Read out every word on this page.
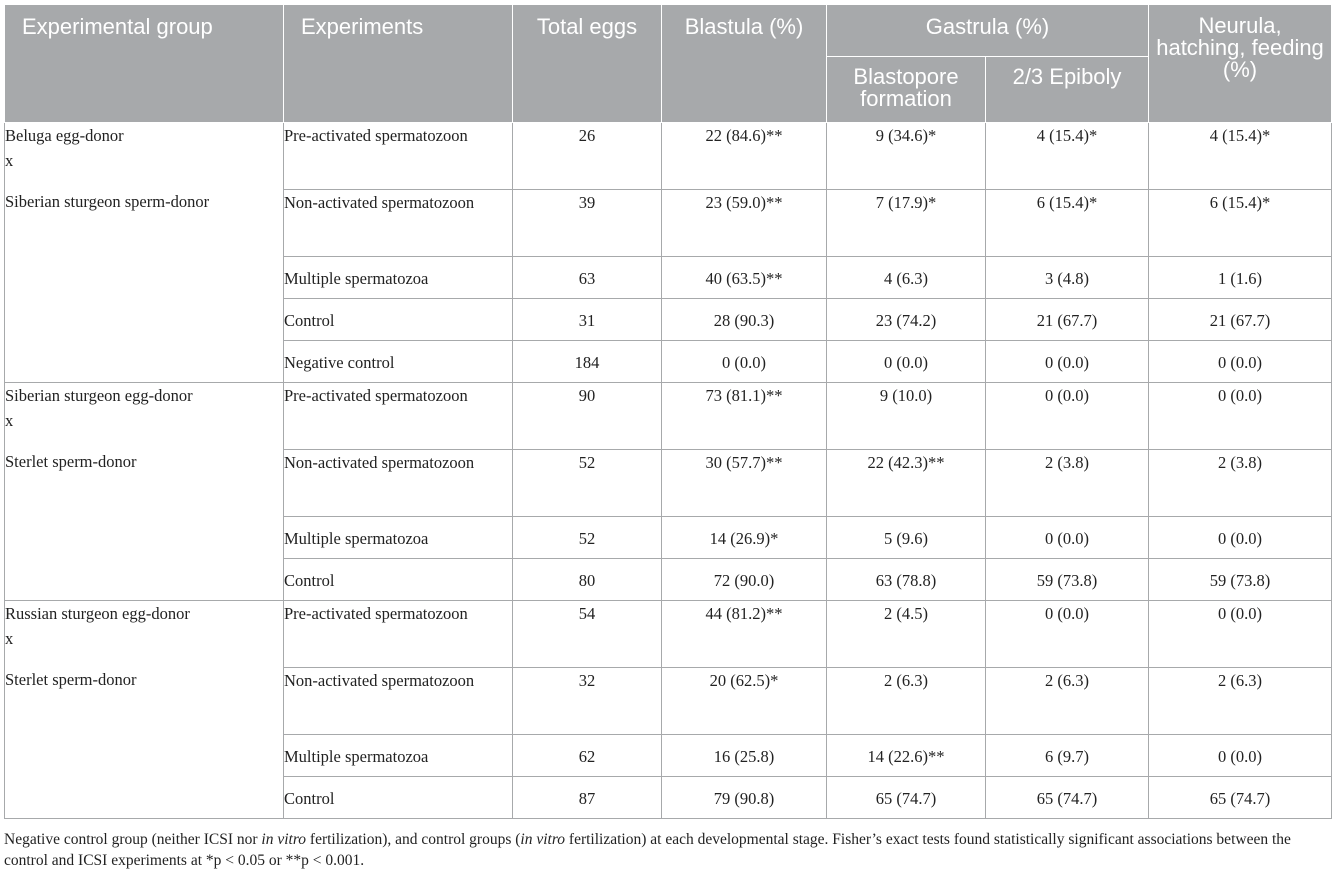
Experimental group	Experiments	Total eggs	Blastula (%)	Gastrula (%)		Neurula, hatching, feeding (%)
				Blastopore formation	2/3 Epiboly	

Beluga egg-donor
x
Siberian sturgeon sperm-donor	Pre-activated spermatozoon	26	22 (84.6)**	9 (34.6)*	4 (15.4)*	4 (15.4)*
	Non-activated spermatozoon	39	23 (59.0)**	7 (17.9)*	6 (15.4)*	6 (15.4)*
	Multiple spermatozoa	63	40 (63.5)**	4 (6.3)	3 (4.8)	1 (1.6)
	Control	31	28 (90.3)	23 (74.2)	21 (67.7)	21 (67.7)
	Negative control	184	0 (0.0)	0 (0.0)	0 (0.0)	0 (0.0)

Siberian sturgeon egg-donor
x
Sterlet sperm-donor	Pre-activated spermatozoon	90	73 (81.1)**	9 (10.0)	0 (0.0)	0 (0.0)
	Non-activated spermatozoon	52	30 (57.7)**	22 (42.3)**	2 (3.8)	2 (3.8)
	Multiple spermatozoa	52	14 (26.9)*	5 (9.6)	0 (0.0)	0 (0.0)
	Control	80	72 (90.0)	63 (78.8)	59 (73.8)	59 (73.8)

Russian sturgeon egg-donor
x
Sterlet sperm-donor	Pre-activated spermatozoon	54	44 (81.2)**	2 (4.5)	0 (0.0)	0 (0.0)
	Non-activated spermatozoon	32	20 (62.5)*	2 (6.3)	2 (6.3)	2 (6.3)
	Multiple spermatozoa	62	16 (25.8)	14 (22.6)**	6 (9.7)	0 (0.0)
	Control	87	79 (90.8)	65 (74.7)	65 (74.7)	65 (74.7)

Negative control group (neither ICSI nor in vitro fertilization), and control groups (in vitro fertilization) at each developmental stage. Fisher’s exact tests found statistically significant associations between the control and ICSI experiments at *p < 0.05 or **p < 0.001.
